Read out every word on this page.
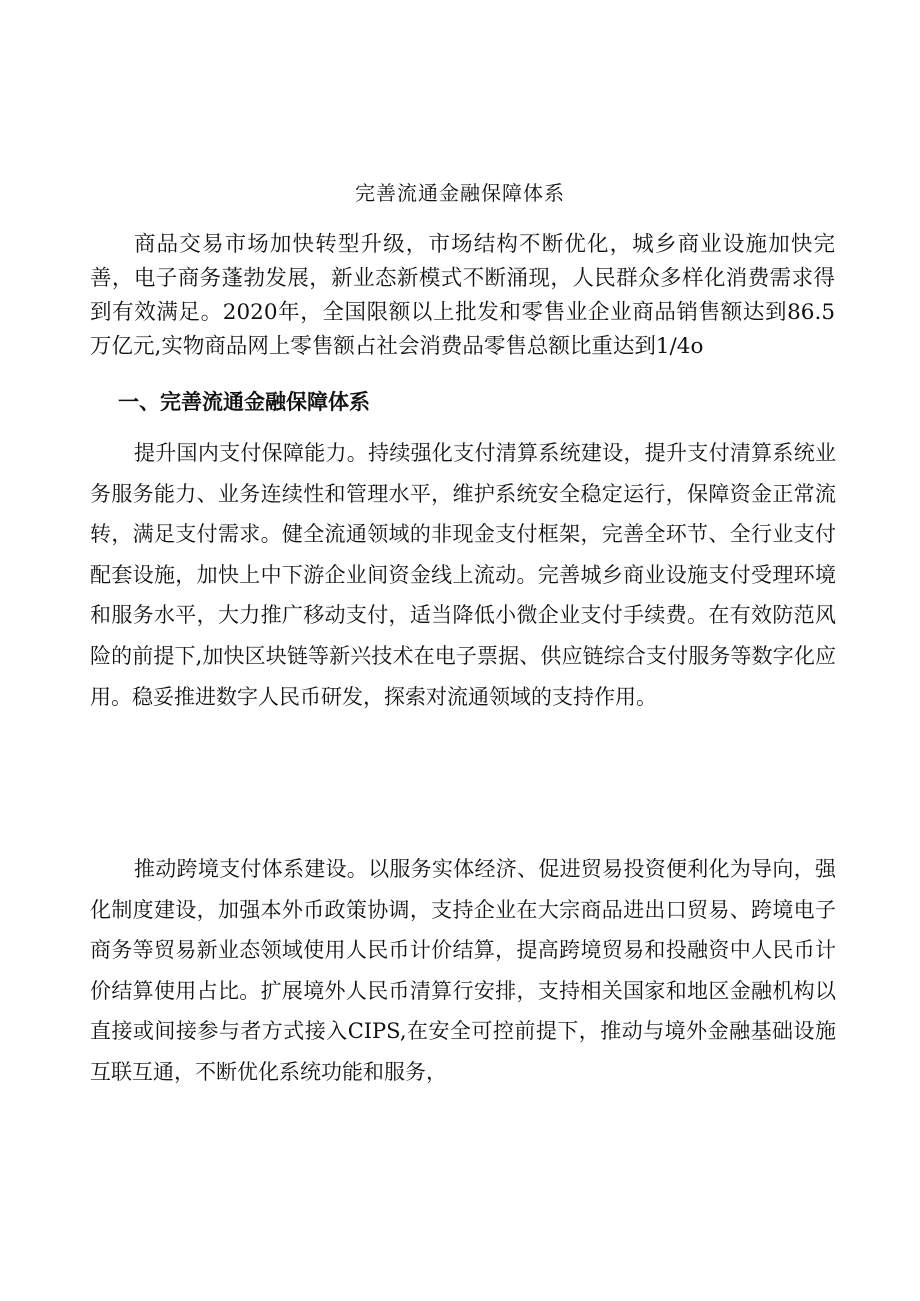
完善流通金融保障体系

商品交易市场加快转型升级，市场结构不断优化，城乡商业设施加快完善，电子商务蓬勃发展，新业态新模式不断涌现，人民群众多样化消费需求得到有效满足。2020年，全国限额以上批发和零售业企业商品销售额达到86.5万亿元,实物商品网上零售额占社会消费品零售总额比重达到1/4o

一、完善流通金融保障体系

提升国内支付保障能力。持续强化支付清算系统建设，提升支付清算系统业务服务能力、业务连续性和管理水平，维护系统安全稳定运行，保障资金正常流转，满足支付需求。健全流通领域的非现金支付框架，完善全环节、全行业支付配套设施，加快上中下游企业间资金线上流动。完善城乡商业设施支付受理环境和服务水平，大力推广移动支付，适当降低小微企业支付手续费。在有效防范风险的前提下,加快区块链等新兴技术在电子票据、供应链综合支付服务等数字化应用。稳妥推进数字人民币研发，探索对流通领域的支持作用。

推动跨境支付体系建设。以服务实体经济、促进贸易投资便利化为导向，强化制度建设，加强本外币政策协调，支持企业在大宗商品进出口贸易、跨境电子商务等贸易新业态领域使用人民币计价结算，提高跨境贸易和投融资中人民币计价结算使用占比。扩展境外人民币清算行安排，支持相关国家和地区金融机构以直接或间接参与者方式接入CIPS,在安全可控前提下，推动与境外金融基础设施互联互通，不断优化系统功能和服务，
